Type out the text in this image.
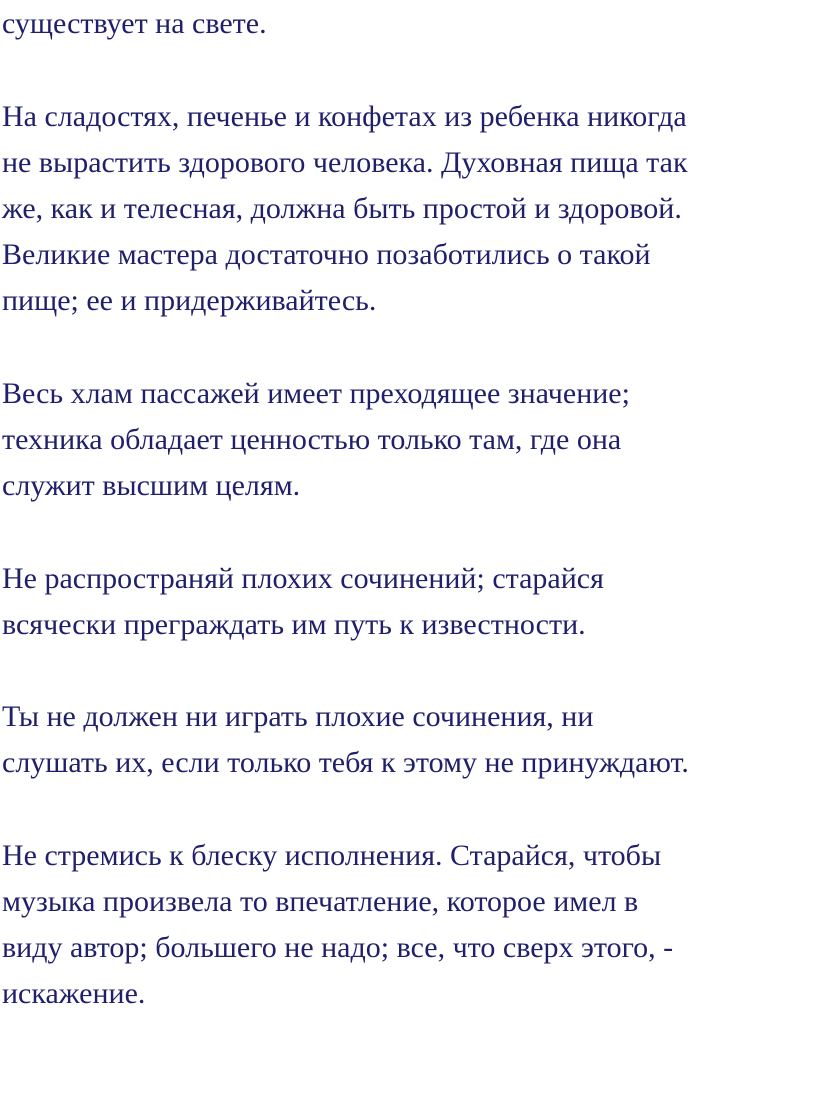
существует на свете.
На сладостях, печенье и конфетах из ребенка никогда
не вырастить здорового человека. Духовная пища так
же, как и телесная, должна быть простой и здоровой.
Великие мастера достаточно позаботились о такой
пище; ее и придерживайтесь.
Весь хлам пассажей имеет преходящее значение;
техника обладает ценностью только там, где она
служит высшим целям.
Не распространяй плохих сочинений; старайся
всячески преграждать им путь к известности.
Ты не должен ни играть плохие сочинения, ни
слушать их, если только тебя к этому не принуждают.
Не стремись к блеску исполнения. Старайся, чтобы
музыка произвела то впечатление, которое имел в
виду автор; большего не надо; все, что сверх этого, -
искажение.
